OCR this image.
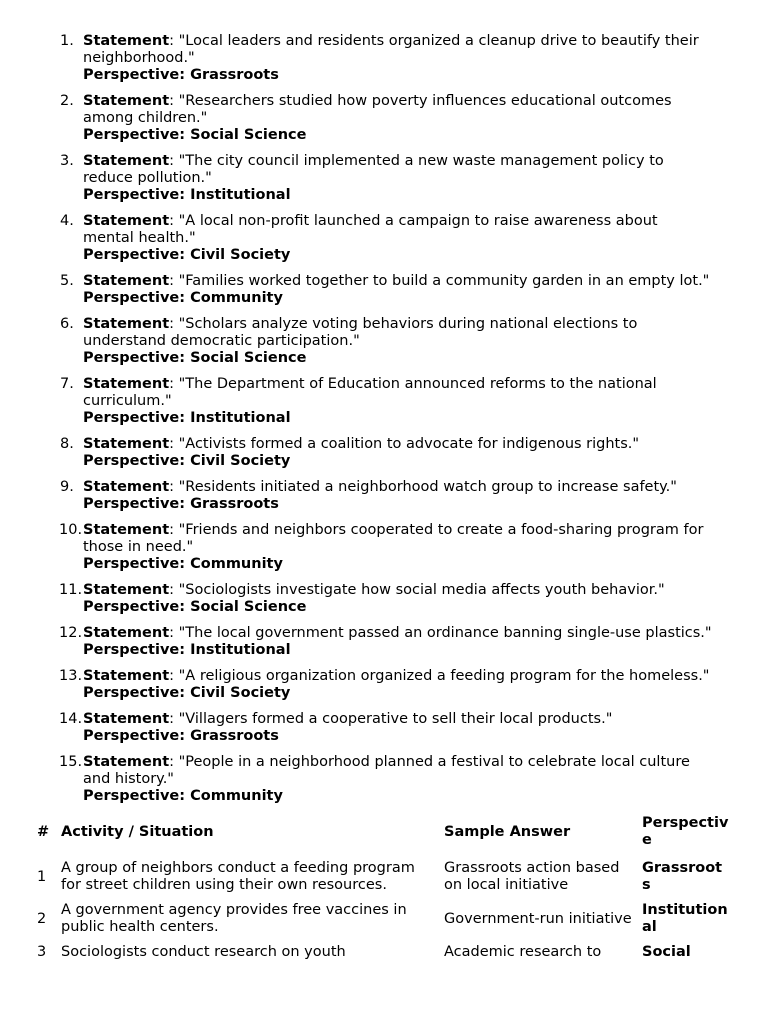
1. Statement: "Local leaders and residents organized a cleanup drive to beautify their neighborhood."
Perspective: Grassroots
2. Statement: "Researchers studied how poverty influences educational outcomes among children."
Perspective: Social Science
3. Statement: "The city council implemented a new waste management policy to reduce pollution."
Perspective: Institutional
4. Statement: "A local non-profit launched a campaign to raise awareness about mental health."
Perspective: Civil Society
5. Statement: "Families worked together to build a community garden in an empty lot."
Perspective: Community
6. Statement: "Scholars analyze voting behaviors during national elections to understand democratic participation."
Perspective: Social Science
7. Statement: "The Department of Education announced reforms to the national curriculum."
Perspective: Institutional
8. Statement: "Activists formed a coalition to advocate for indigenous rights."
Perspective: Civil Society
9. Statement: "Residents initiated a neighborhood watch group to increase safety."
Perspective: Grassroots
10. Statement: "Friends and neighbors cooperated to create a food-sharing program for those in need."
Perspective: Community
11. Statement: "Sociologists investigate how social media affects youth behavior."
Perspective: Social Science
12. Statement: "The local government passed an ordinance banning single-use plastics."
Perspective: Institutional
13. Statement: "A religious organization organized a feeding program for the homeless."
Perspective: Civil Society
14. Statement: "Villagers formed a cooperative to sell their local products."
Perspective: Grassroots
15. Statement: "People in a neighborhood planned a festival to celebrate local culture and history."
Perspective: Community
#	Activity / Situation	Sample Answer	Perspective
1	A group of neighbors conduct a feeding program for street children using their own resources.	Grassroots action based on local initiative	Grassroots
2	A government agency provides free vaccines in public health centers.	Government-run initiative	Institutional
3	Sociologists conduct research on youth	Academic research to	Social
